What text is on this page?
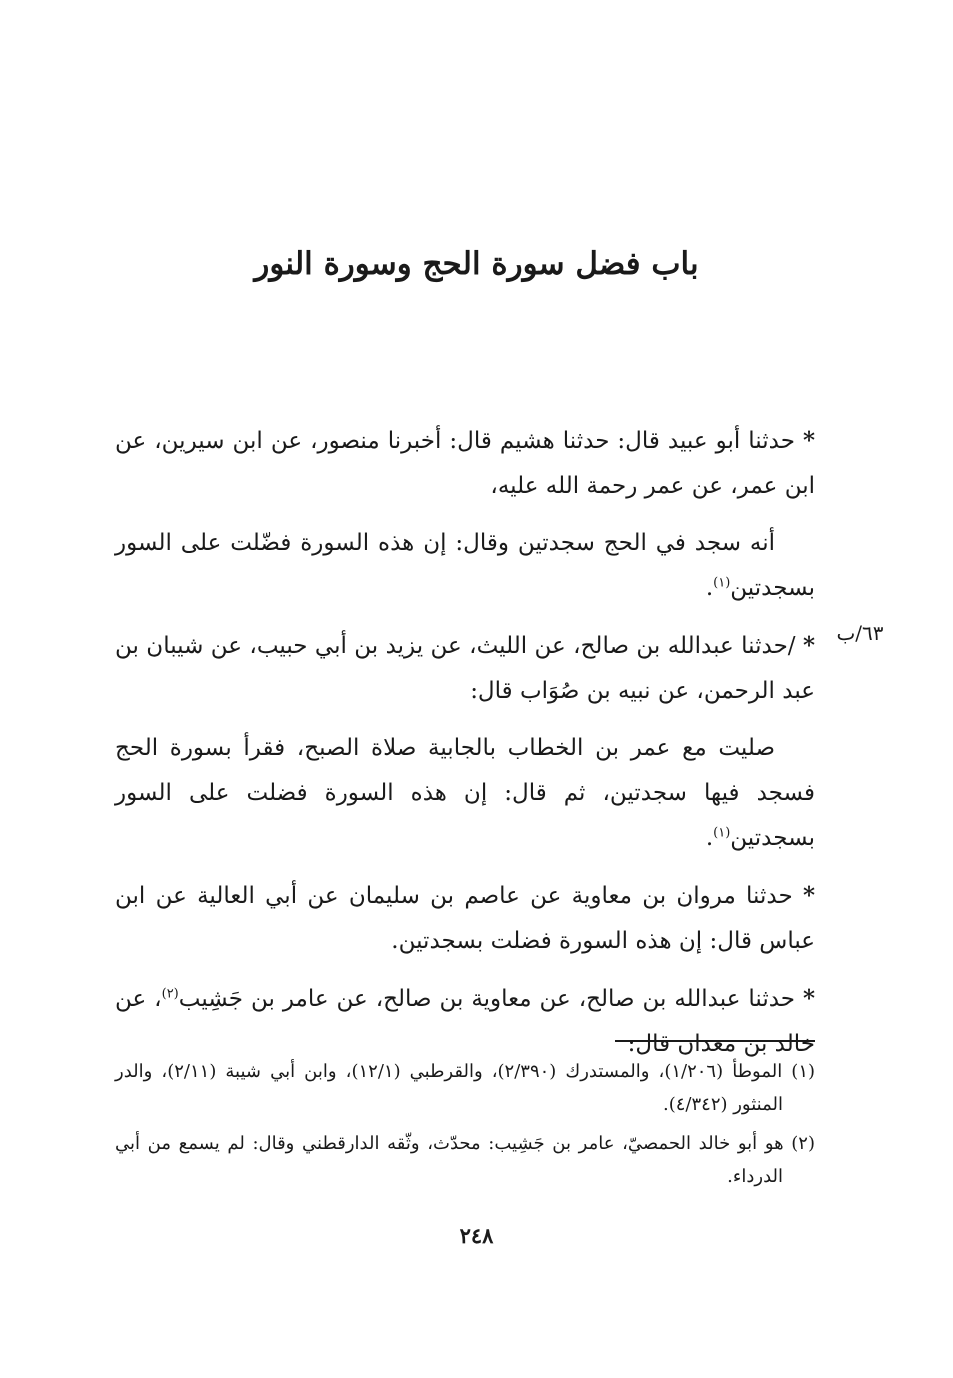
باب فضل سورة الحج وسورة النور
٦٣/ب

* حدثنا أبو عبيد قال: حدثنا هشيم قال: أخبرنا منصور، عن ابن سيرين، عن ابن عمر، عن عمر رحمة الله عليه،

أنه سجد في الحج سجدتين وقال: إن هذه السورة فضّلت على السور بسجدتين$^{(١)}$.

* /حدثنا عبدالله بن صالح، عن الليث، عن يزيد بن أبي حبيب، عن شيبان بن عبد الرحمن، عن نبيه بن صُوَاب قال:

صليت مع عمر بن الخطاب بالجابية صلاة الصبح، فقرأ بسورة الحج فسجد فيها سجدتين، ثم قال: إن هذه السورة فضلت على السور بسجدتين$^{(١)}$.

* حدثنا مروان بن معاوية عن عاصم بن سليمان عن أبي العالية عن ابن عباس قال: إن هذه السورة فضلت بسجدتين.

* حدثنا عبدالله بن صالح، عن معاوية بن صالح، عن عامر بن جَشِيب$^{(٢)}$، عن خالد بن معدان قال:

(١) الموطأ (١/٢٠٦)، والمستدرك (٢/٣٩٠)، والقرطبي (١٢/١)، وابن أبي شيبة (٢/١١)، والدر المنثور (٤/٣٤٢).

(٢) هو أبو خالد الحمصيّ، عامر بن جَشِيب: محدّث، وثّقه الدارقطني وقال: لم يسمع من أبي الدرداء.

٢٤٨
